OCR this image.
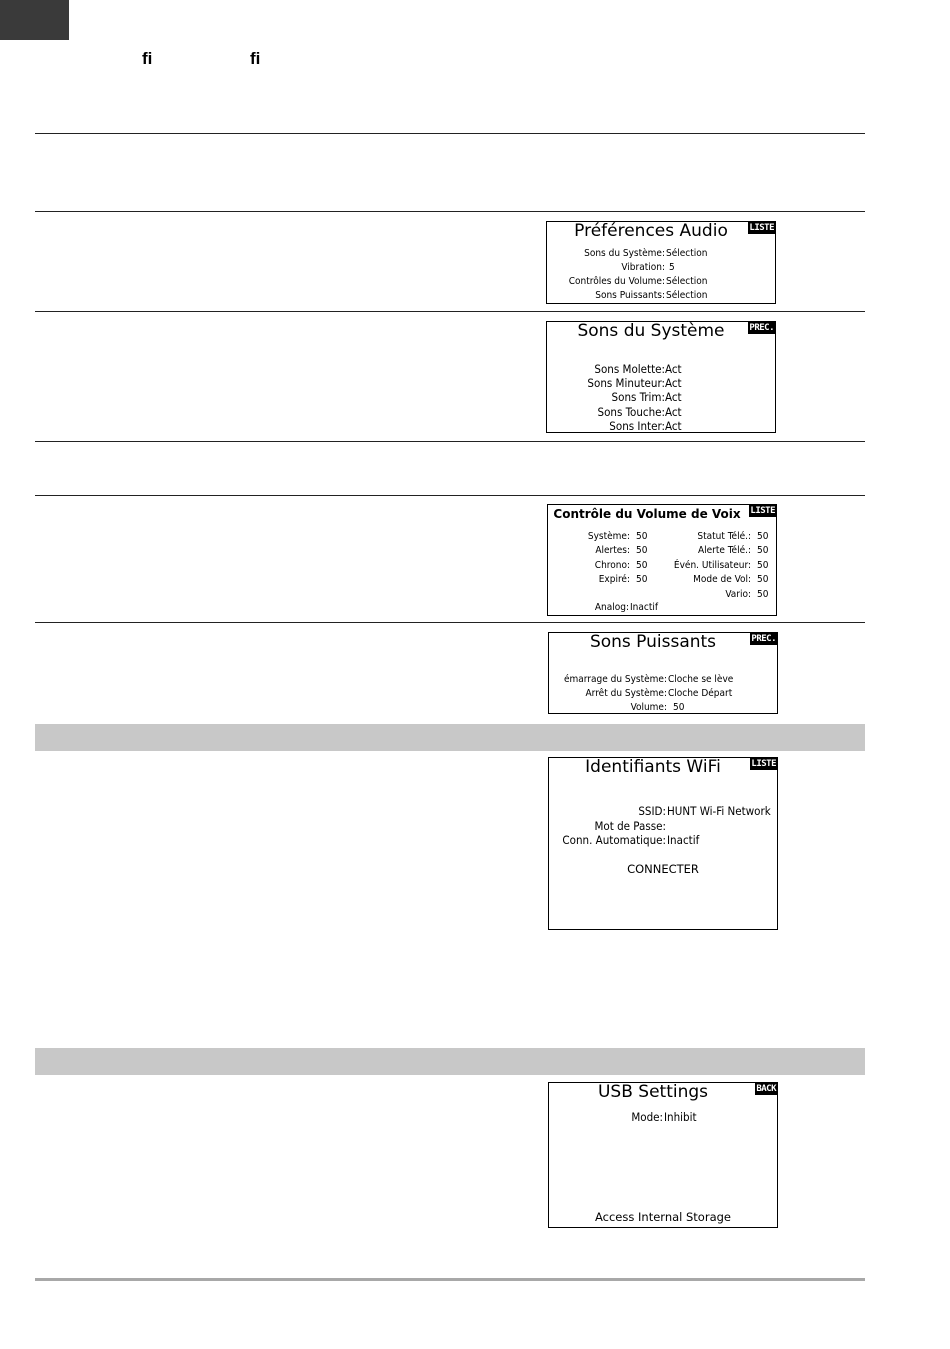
fi	fi
Préférences Audio	LISTE
Sons du Système: Sélection
Vibration: 5
Contrôles du Volume: Sélection
Sons Puissants: Sélection
Sons du Système	PREC.
Sons Molette: Act
Sons Minuteur: Act
Sons Trim: Act
Sons Touche: Act
Sons Inter: Act
Contrôle du Volume de Voix	LISTE
Système: 50
Alertes: 50
Chrono: 50
Expiré: 50
Statut Télé.: 50
Alerte Télé.: 50
Évén. Utilisateur: 50
Mode de Vol: 50
Vario: 50
Analog: Inactif
Sons Puissants	PREC.
émarrage du Système: Cloche se lève
Arrêt du Système: Cloche Départ
Volume: 50
Identifiants WiFi	LISTE
SSID: HUNT Wi-Fi Network
Mot de Passe:
Conn. Automatique: Inactif
CONNECTER
USB Settings	BACK
Mode: Inhibit
Access Internal Storage
